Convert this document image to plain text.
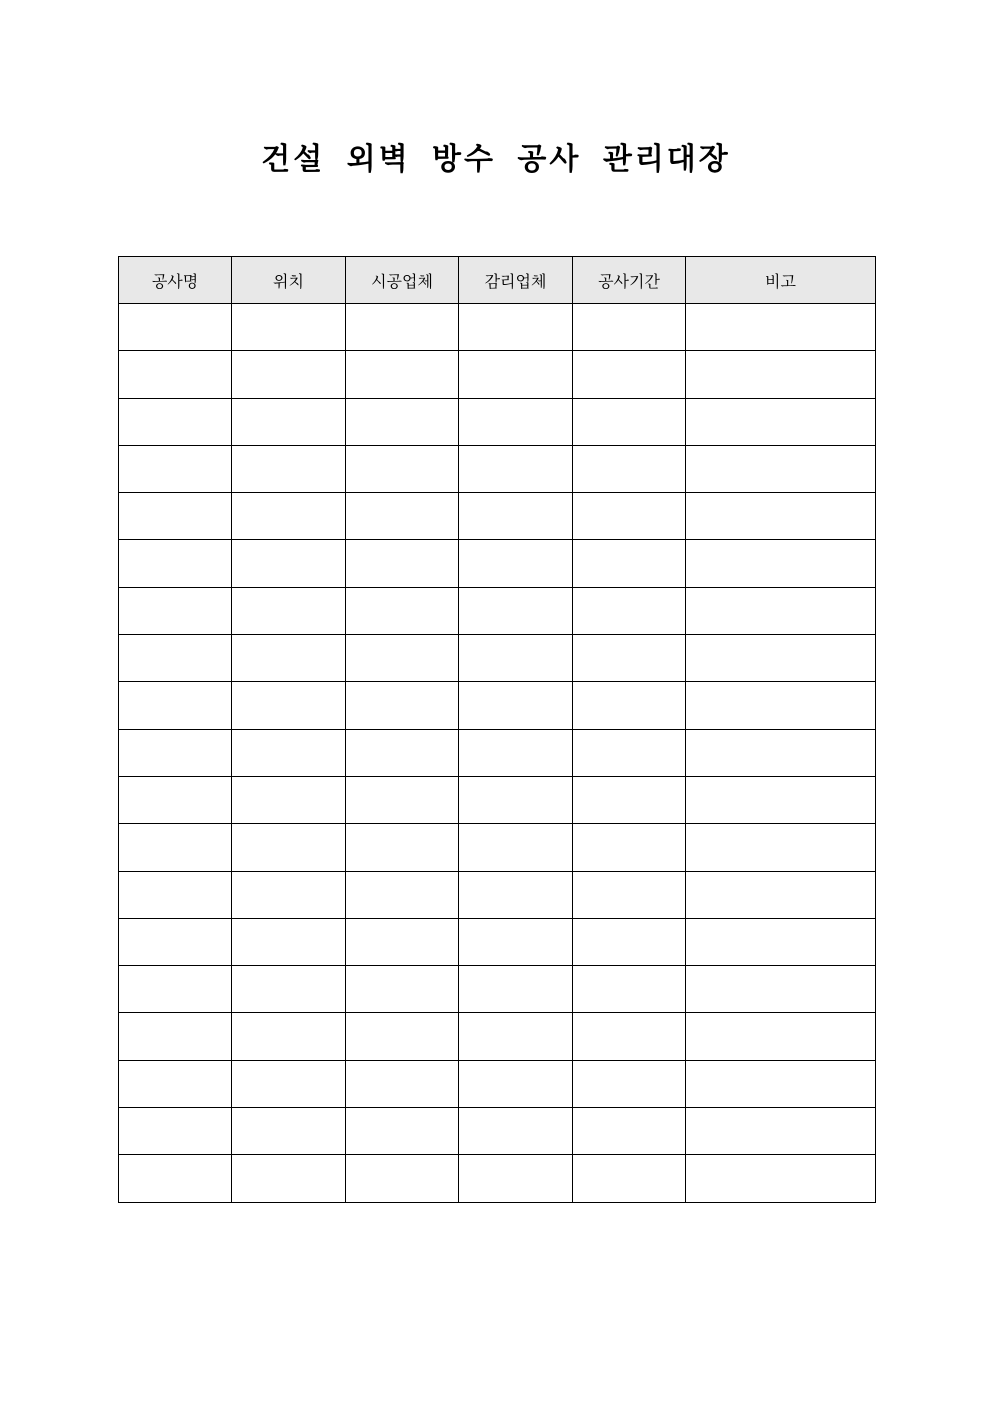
건설 외벽 방수 공사 관리대장
공사명	위치	시공업체	감리업체	공사기간	비고
